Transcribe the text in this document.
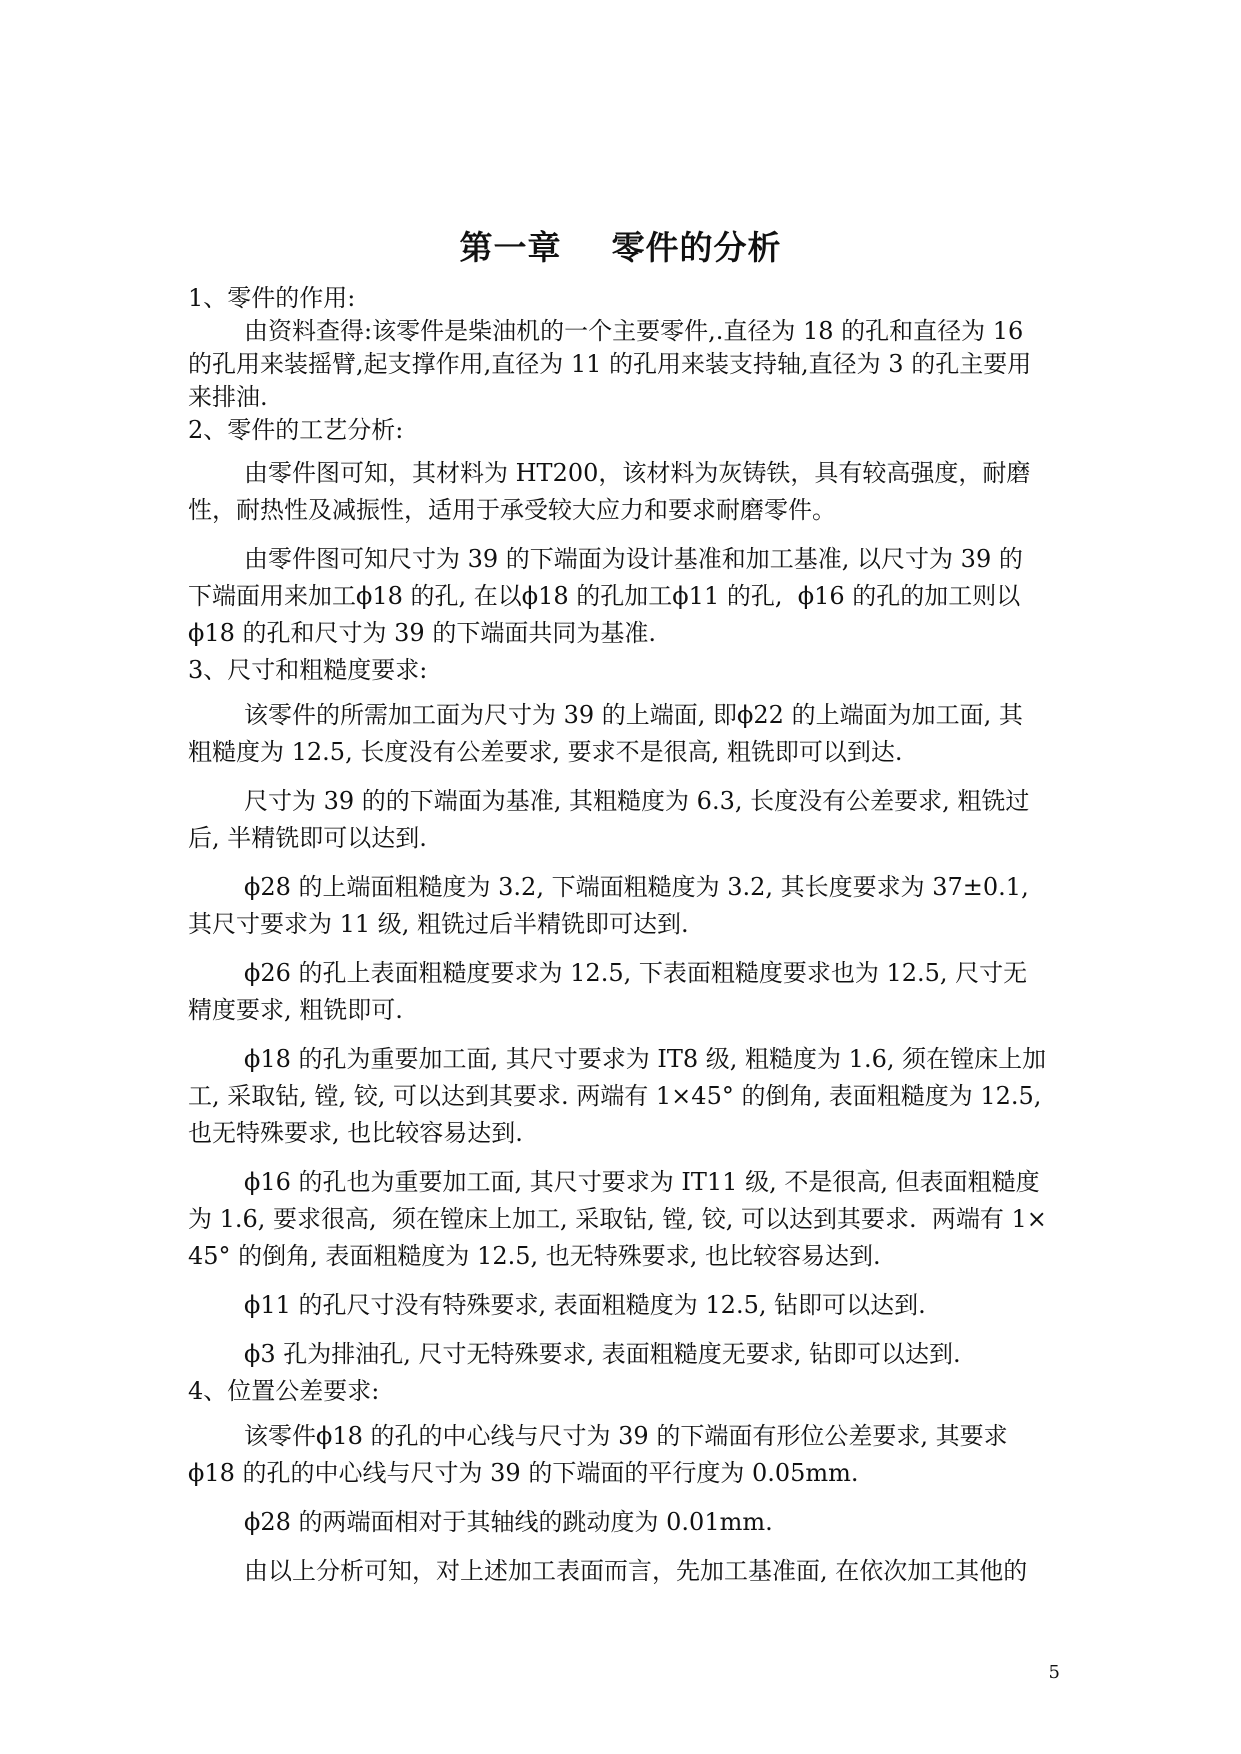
第一章    零件的分析
1、零件的作用:
由资料查得:该零件是柴油机的一个主要零件,.直径为 18 的孔和直径为 16
的孔用来装摇臂,起支撑作用,直径为 11 的孔用来装支持轴,直径为 3 的孔主要用
来排油.
2、零件的工艺分析:
由零件图可知，其材料为 HT200，该材料为灰铸铁，具有较高强度，耐磨
性，耐热性及减振性，适用于承受较大应力和要求耐磨零件。
由零件图可知尺寸为 39 的下端面为设计基准和加工基准, 以尺寸为 39 的
下端面用来加工ϕ18 的孔, 在以ϕ18 的孔加工ϕ11 的孔,  ϕ16 的孔的加工则以
ϕ18 的孔和尺寸为 39 的下端面共同为基准.
3、尺寸和粗糙度要求:
该零件的所需加工面为尺寸为 39 的上端面, 即ϕ22 的上端面为加工面, 其
粗糙度为 12.5, 长度没有公差要求, 要求不是很高, 粗铣即可以到达.
尺寸为 39 的的下端面为基准, 其粗糙度为 6.3, 长度没有公差要求, 粗铣过
后, 半精铣即可以达到.
ϕ28 的上端面粗糙度为 3.2, 下端面粗糙度为 3.2, 其长度要求为 37±0.1,
其尺寸要求为 11 级, 粗铣过后半精铣即可达到.
ϕ26 的孔上表面粗糙度要求为 12.5, 下表面粗糙度要求也为 12.5, 尺寸无
精度要求, 粗铣即可.
ϕ18 的孔为重要加工面, 其尺寸要求为 IT8 级, 粗糙度为 1.6, 须在镗床上加
工, 采取钻, 镗, 铰, 可以达到其要求. 两端有 1×45° 的倒角, 表面粗糙度为 12.5,
也无特殊要求, 也比较容易达到.
ϕ16 的孔也为重要加工面, 其尺寸要求为 IT11 级, 不是很高, 但表面粗糙度
为 1.6, 要求很高,  须在镗床上加工, 采取钻, 镗, 铰, 可以达到其要求.  两端有 1×
45° 的倒角, 表面粗糙度为 12.5, 也无特殊要求, 也比较容易达到.
ϕ11 的孔尺寸没有特殊要求, 表面粗糙度为 12.5, 钻即可以达到.
ϕ3 孔为排油孔, 尺寸无特殊要求, 表面粗糙度无要求, 钻即可以达到.
4、位置公差要求:
该零件ϕ18 的孔的中心线与尺寸为 39 的下端面有形位公差要求, 其要求
ϕ18 的孔的中心线与尺寸为 39 的下端面的平行度为 0.05mm.
ϕ28 的两端面相对于其轴线的跳动度为 0.01mm.
由以上分析可知，对上述加工表面而言，先加工基准面, 在依次加工其他的
5
